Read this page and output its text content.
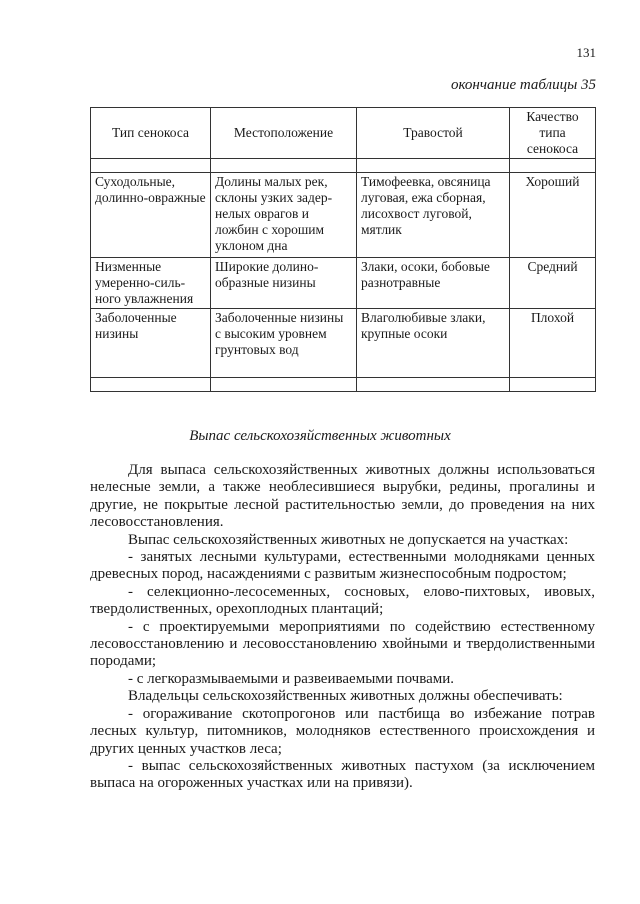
131
окончание таблицы 35
Тип сенокоса	Местоположение	Травостой	Качество типа сенокоса

Суходольные, долинно-овражные	Долины малых рек, склоны узких задер-нелых оврагов и ложбин с хорошим уклоном дна	Тимофеевка, овсяница луговая, ежа сборная, лисохвост луговой, мятлик	Хороший
Низменные умеренно-силь-ного увлажнения	Широкие долино-образные низины	Злаки, осоки, бобовые разнотравные	Средний
Заболоченные низины	Заболоченные низины с высоким уровнем грунтовых вод	Влаголюбивые злаки, крупные осоки	Плохой

Выпас сельскохозяйственных животных

Для выпаса сельскохозяйственных животных должны использоваться нелесные земли, а также необлесившиеся вырубки, редины, прогалины и другие, не покрытые лесной растительностью земли, до проведения на них лесовосстановления.

Выпас сельскохозяйственных животных не допускается на участках:

- занятых лесными культурами, естественными молодняками ценных древесных пород, насаждениями с развитым жизнеспособным подростом;

- селекционно-лесосеменных, сосновых, елово-пихтовых, ивовых, твердолиственных, орехоплодных плантаций;

- с проектируемыми мероприятиями по содействию естественному лесовосстановлению и лесовосстановлению хвойными и твердолиственными породами;

- с легкоразмываемыми и развеиваемыми почвами.

Владельцы сельскохозяйственных животных должны обеспечивать:

- огораживание скотопрогонов или пастбища во избежание потрав лесных культур, питомников, молодняков естественного происхождения и других ценных участков леса;

- выпас сельскохозяйственных животных пастухом (за исключением выпаса на огороженных участках или на привязи).
